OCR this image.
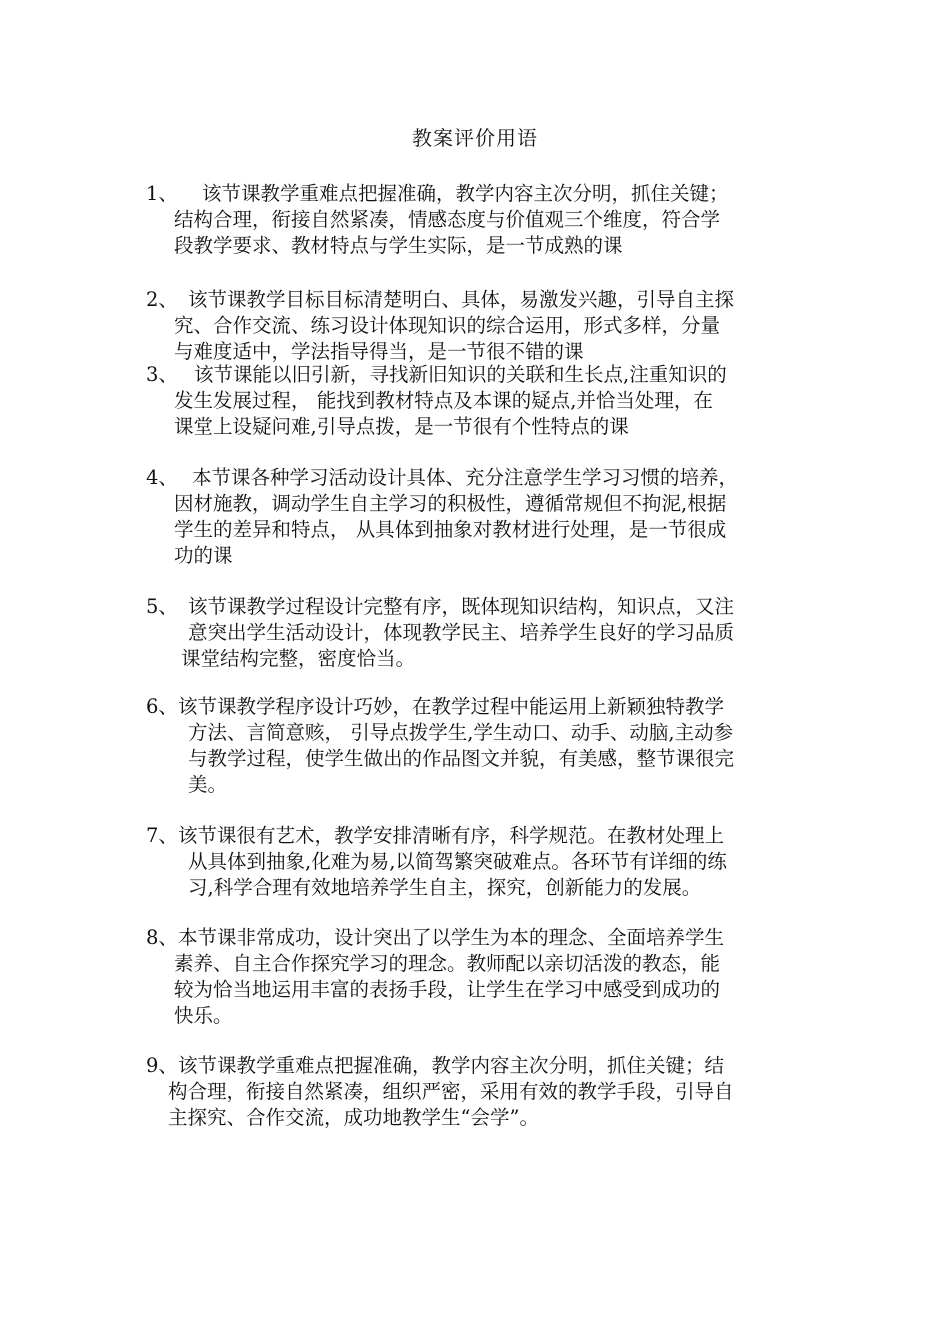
教案评价用语
1、	该节课教学重难点把握准确，教学内容主次分明，抓住关键；
结构合理，衔接自然紧凑，情感态度与价值观三个维度，符合学
段教学要求、教材特点与学生实际，是一节成熟的课
2、 该节课教学目标目标清楚明白、具体，易激发兴趣，引导自主探
究、合作交流、练习设计体现知识的综合运用，形式多样，分量
与难度适中，学法指导得当，是一节很不错的课
3、 该节课能以旧引新，寻找新旧知识的关联和生长点,注重知识的
发生发展过程， 能找到教材特点及本课的疑点,并恰当处理，在
课堂上设疑问难,引导点拨，是一节很有个性特点的课
4、 本节课各种学习活动设计具体、充分注意学生学习习惯的培养，
因材施教，调动学生自主学习的积极性，遵循常规但不拘泥,根据
学生的差异和特点， 从具体到抽象对教材进行处理，是一节很成
功的课
5、 该节课教学过程设计完整有序，既体现知识结构，知识点，又注
意突出学生活动设计，体现教学民主、培养学生良好的学习品质
课堂结构完整，密度恰当。
6、 该节课教学程序设计巧妙，在教学过程中能运用上新颖独特教学
方法、言简意赅， 引导点拨学生,学生动口、动手、动脑,主动参
与教学过程，使学生做出的作品图文并貌，有美感，整节课很完
美。
7、 该节课很有艺术，教学安排清晰有序，科学规范。在教材处理上
从具体到抽象,化难为易,以简驾繁突破难点。各环节有详细的练
习,科学合理有效地培养学生自主，探究，创新能力的发展。
8、 本节课非常成功，设计突出了以学生为本的理念、全面培养学生
素养、自主合作探究学习的理念。教师配以亲切活泼的教态，能
较为恰当地运用丰富的表扬手段，让学生在学习中感受到成功的
快乐。
9、 该节课教学重难点把握准确，教学内容主次分明，抓住关键；结
构合理，衔接自然紧凑，组织严密，采用有效的教学手段，引导自
主探究、合作交流，成功地教学生“会学”。
